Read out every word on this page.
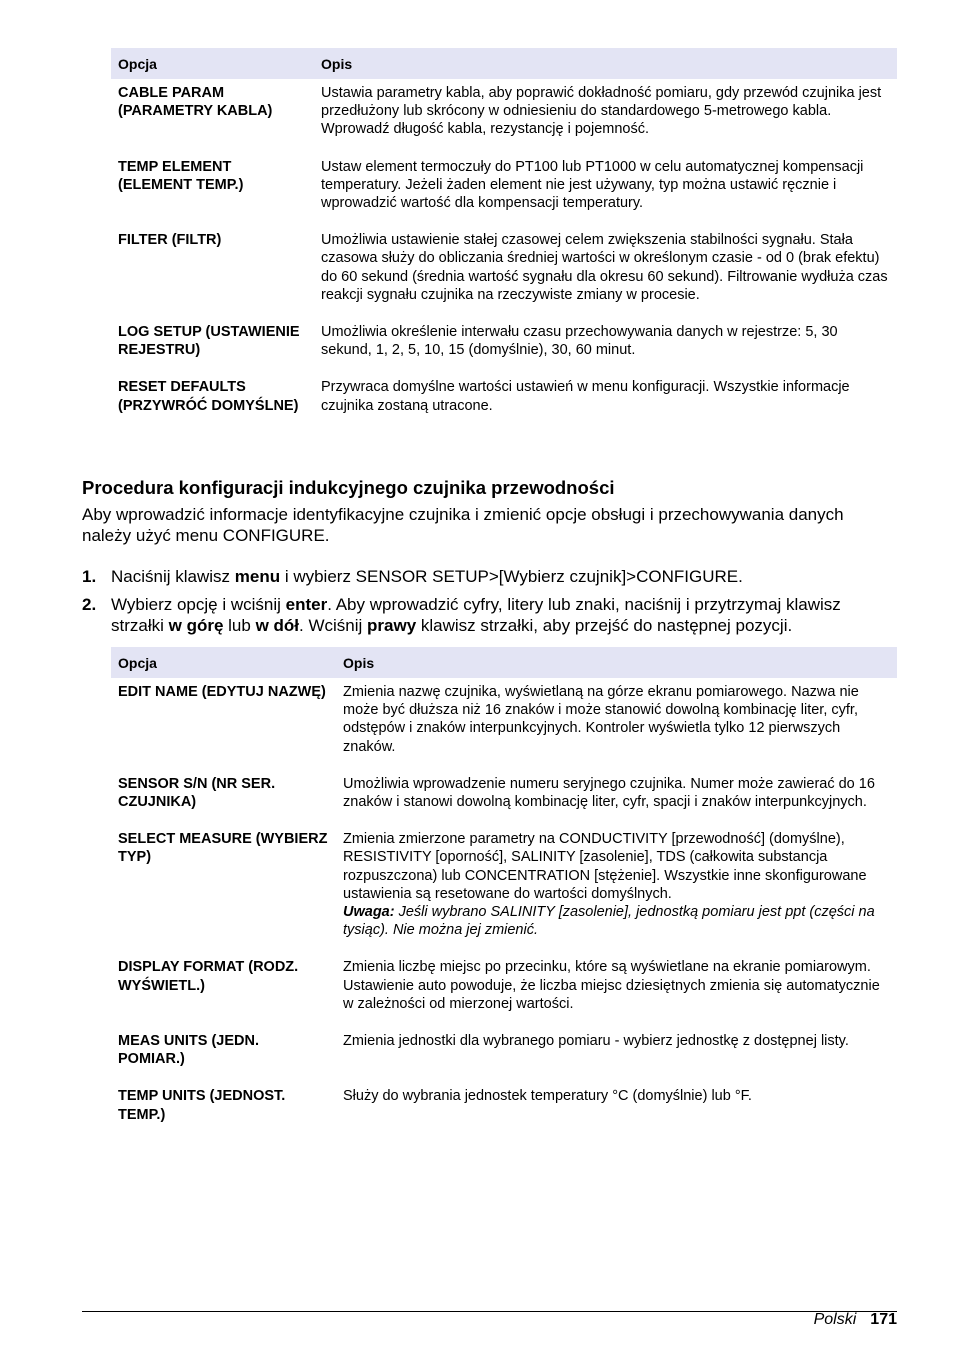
Opcja	Opis
CABLE PARAM (PARAMETRY KABLA)	Ustawia parametry kabla, aby poprawić dokładność pomiaru, gdy przewód czujnika jest przedłużony lub skrócony w odniesieniu do standardowego 5-metrowego kabla. Wprowadź długość kabla, rezystancję i pojemność.
TEMP ELEMENT (ELEMENT TEMP.)	Ustaw element termoczuły do PT100 lub PT1000 w celu automatycznej kompensacji temperatury. Jeżeli żaden element nie jest używany, typ można ustawić ręcznie i wprowadzić wartość dla kompensacji temperatury.
FILTER (FILTR)	Umożliwia ustawienie stałej czasowej celem zwiększenia stabilności sygnału. Stała czasowa służy do obliczania średniej wartości w określonym czasie - od 0 (brak efektu) do 60 sekund (średnia wartość sygnału dla okresu 60 sekund). Filtrowanie wydłuża czas reakcji sygnału czujnika na rzeczywiste zmiany w procesie.
LOG SETUP (USTAWIENIE REJESTRU)	Umożliwia określenie interwału czasu przechowywania danych w rejestrze: 5, 30 sekund, 1, 2, 5, 10, 15 (domyślnie), 30, 60 minut.
RESET DEFAULTS (PRZYWRÓĆ DOMYŚLNE)	Przywraca domyślne wartości ustawień w menu konfiguracji. Wszystkie informacje czujnika zostaną utracone.
Procedura konfiguracji indukcyjnego czujnika przewodności
Aby wprowadzić informacje identyfikacyjne czujnika i zmienić opcje obsługi i przechowywania danych należy użyć menu CONFIGURE.
1. Naciśnij klawisz menu i wybierz SENSOR SETUP>[Wybierz czujnik]>CONFIGURE.
2. Wybierz opcję i wciśnij enter. Aby wprowadzić cyfry, litery lub znaki, naciśnij i przytrzymaj klawisz strzałki w górę lub w dół. Wciśnij prawy klawisz strzałki, aby przejść do następnej pozycji.
Opcja	Opis
EDIT NAME (EDYTUJ NAZWĘ)	Zmienia nazwę czujnika, wyświetlaną na górze ekranu pomiarowego. Nazwa nie może być dłuższa niż 16 znaków i może stanowić dowolną kombinację liter, cyfr, odstępów i znaków interpunkcyjnych. Kontroler wyświetla tylko 12 pierwszych znaków.
SENSOR S/N (NR SER. CZUJNIKA)	Umożliwia wprowadzenie numeru seryjnego czujnika. Numer może zawierać do 16 znaków i stanowi dowolną kombinację liter, cyfr, spacji i znaków interpunkcyjnych.
SELECT MEASURE (WYBIERZ TYP)	Zmienia zmierzone parametry na CONDUCTIVITY [przewodność] (domyślne), RESISTIVITY [oporność], SALINITY [zasolenie], TDS (całkowita substancja rozpuszczona) lub CONCENTRATION [stężenie]. Wszystkie inne skonfigurowane ustawienia są resetowane do wartości domyślnych.
Uwaga: Jeśli wybrano SALINITY [zasolenie], jednostką pomiaru jest ppt (części na tysiąc). Nie można jej zmienić.
DISPLAY FORMAT (RODZ. WYŚWIETL.)	Zmienia liczbę miejsc po przecinku, które są wyświetlane na ekranie pomiarowym. Ustawienie auto powoduje, że liczba miejsc dziesiętnych zmienia się automatycznie w zależności od mierzonej wartości.
MEAS UNITS (JEDN. POMIAR.)	Zmienia jednostki dla wybranego pomiaru - wybierz jednostkę z dostępnej listy.
TEMP UNITS (JEDNOST. TEMP.)	Służy do wybrania jednostek temperatury °C (domyślnie) lub °F.
Polski 171
